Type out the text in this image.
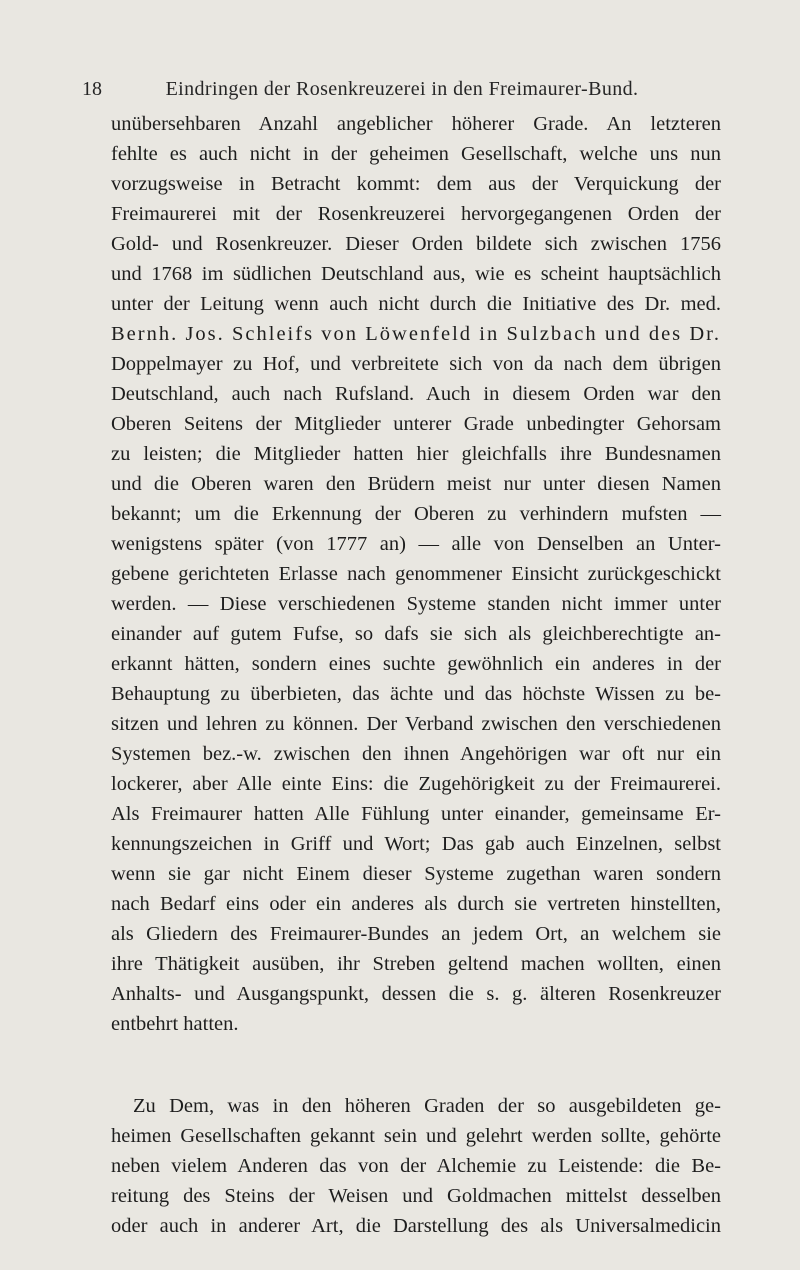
18	Eindringen der Rosenkreuzerei in den Freimaurer-Bund.
unübersehbaren Anzahl angeblicher höherer Grade. An letzteren
fehlte es auch nicht in der geheimen Gesellschaft, welche uns nun
vorzugsweise in Betracht kommt: dem aus der Verquickung der
Freimaurerei mit der Rosenkreuzerei hervorgegangenen Orden der
Gold- und Rosenkreuzer. Dieser Orden bildete sich zwischen 1756
und 1768 im südlichen Deutschland aus, wie es scheint hauptsächlich
unter der Leitung wenn auch nicht durch die Initiative des Dr. med.
Bernh. Jos. Schleifs von Löwenfeld in Sulzbach und des Dr.
Doppelmayer zu Hof, und verbreitete sich von da nach dem übrigen
Deutschland, auch nach Rufsland. Auch in diesem Orden war den
Oberen Seitens der Mitglieder unterer Grade unbedingter Gehorsam
zu leisten; die Mitglieder hatten hier gleichfalls ihre Bundesnamen
und die Oberen waren den Brüdern meist nur unter diesen Namen
bekannt; um die Erkennung der Oberen zu verhindern mufsten —
wenigstens später (von 1777 an) — alle von Denselben an Unter-
gebene gerichteten Erlasse nach genommener Einsicht zurückgeschickt
werden. — Diese verschiedenen Systeme standen nicht immer unter
einander auf gutem Fufse, so dafs sie sich als gleichberechtigte an-
erkannt hätten, sondern eines suchte gewöhnlich ein anderes in der
Behauptung zu überbieten, das ächte und das höchste Wissen zu be-
sitzen und lehren zu können. Der Verband zwischen den verschiedenen
Systemen bez.-w. zwischen den ihnen Angehörigen war oft nur ein
lockerer, aber Alle einte Eins: die Zugehörigkeit zu der Freimaurerei.
Als Freimaurer hatten Alle Fühlung unter einander, gemeinsame Er-
kennungszeichen in Griff und Wort; Das gab auch Einzelnen, selbst
wenn sie gar nicht Einem dieser Systeme zugethan waren sondern
nach Bedarf eins oder ein anderes als durch sie vertreten hinstellten,
als Gliedern des Freimaurer-Bundes an jedem Ort, an welchem sie
ihre Thätigkeit ausüben, ihr Streben geltend machen wollten, einen
Anhalts- und Ausgangspunkt, dessen die s. g. älteren Rosenkreuzer
entbehrt hatten.
Zu Dem, was in den höheren Graden der so ausgebildeten ge-
heimen Gesellschaften gekannt sein und gelehrt werden sollte, gehörte
neben vielem Anderen das von der Alchemie zu Leistende: die Be-
reitung des Steins der Weisen und Goldmachen mittelst desselben
oder auch in anderer Art, die Darstellung des als Universalmedicin
